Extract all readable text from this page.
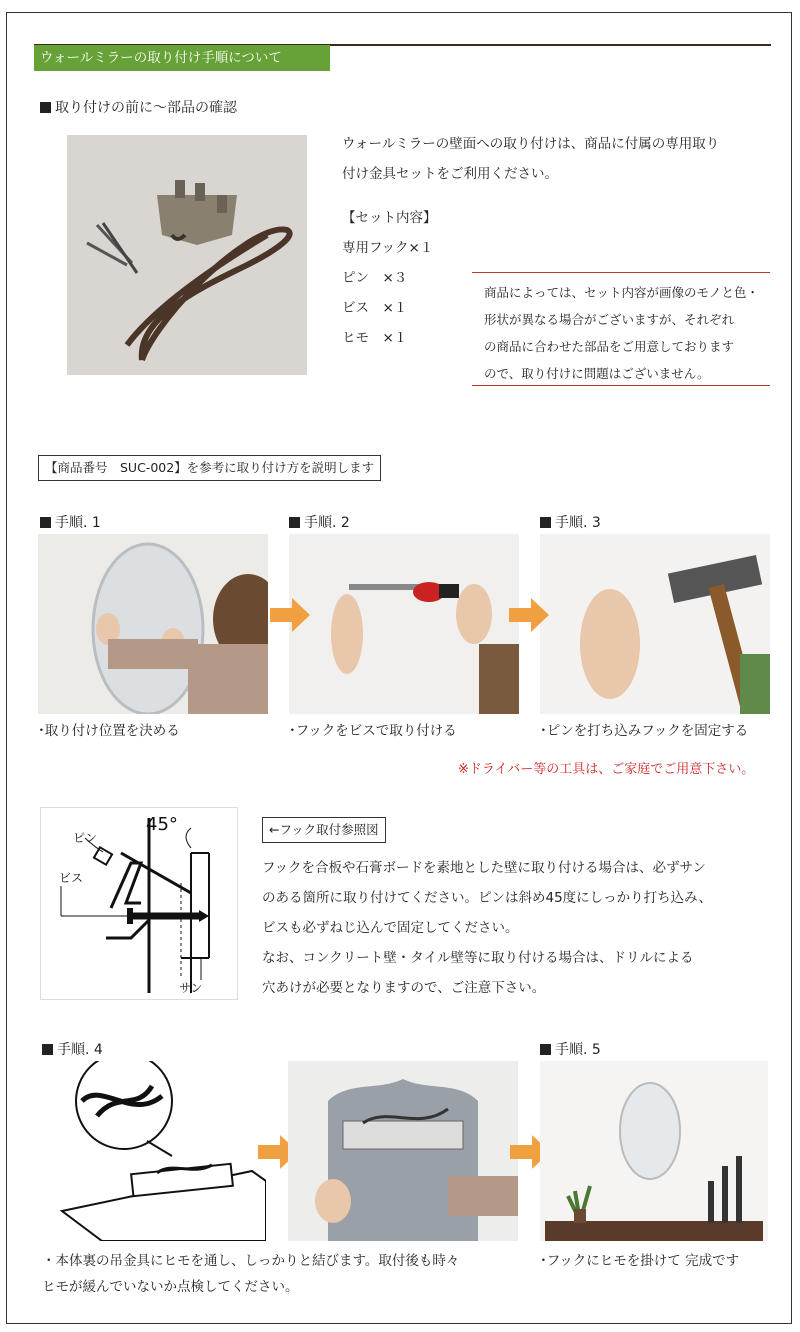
ウォールミラーの取り付け手順について
取り付けの前に～部品の確認
ウォールミラーの壁面への取り付けは、商品に付属の専用取り
付け金具セットをご利用ください。
【セット内容】
専用フック×１
ピン　×３
ビス　×１
ヒモ　×１
商品によっては、セット内容が画像のモノと色・
形状が異なる場合がございますが、それぞれ
の商品に合わせた部品をご用意しております
ので、取り付けに問題はございません。
【商品番号　SUC-002】を参考に取り付け方を説明します
手順. 1	手順. 2	手順. 3
･取り付け位置を決める	･フックをビスで取り付ける	･ピンを打ち込みフックを固定する
※ドライバー等の工具は、ご家庭でご用意下さい。
45°
ピン
ビス
サン
←フック取付参照図
フックを合板や石膏ボードを素地とした壁に取り付ける場合は、必ずサン
のある箇所に取り付けてください。ピンは斜め45度にしっかり打ち込み、
ビスも必ずねじ込んで固定してください。
なお、コンクリート壁・タイル壁等に取り付ける場合は、ドリルによる
穴あけが必要となりますので、ご注意下さい。
手順. 4	手順. 5
・本体裏の吊金具にヒモを通し、しっかりと結びます。取付後も時々
ヒモが緩んでいないか点検してください。
･フックにヒモを掛けて 完成です
